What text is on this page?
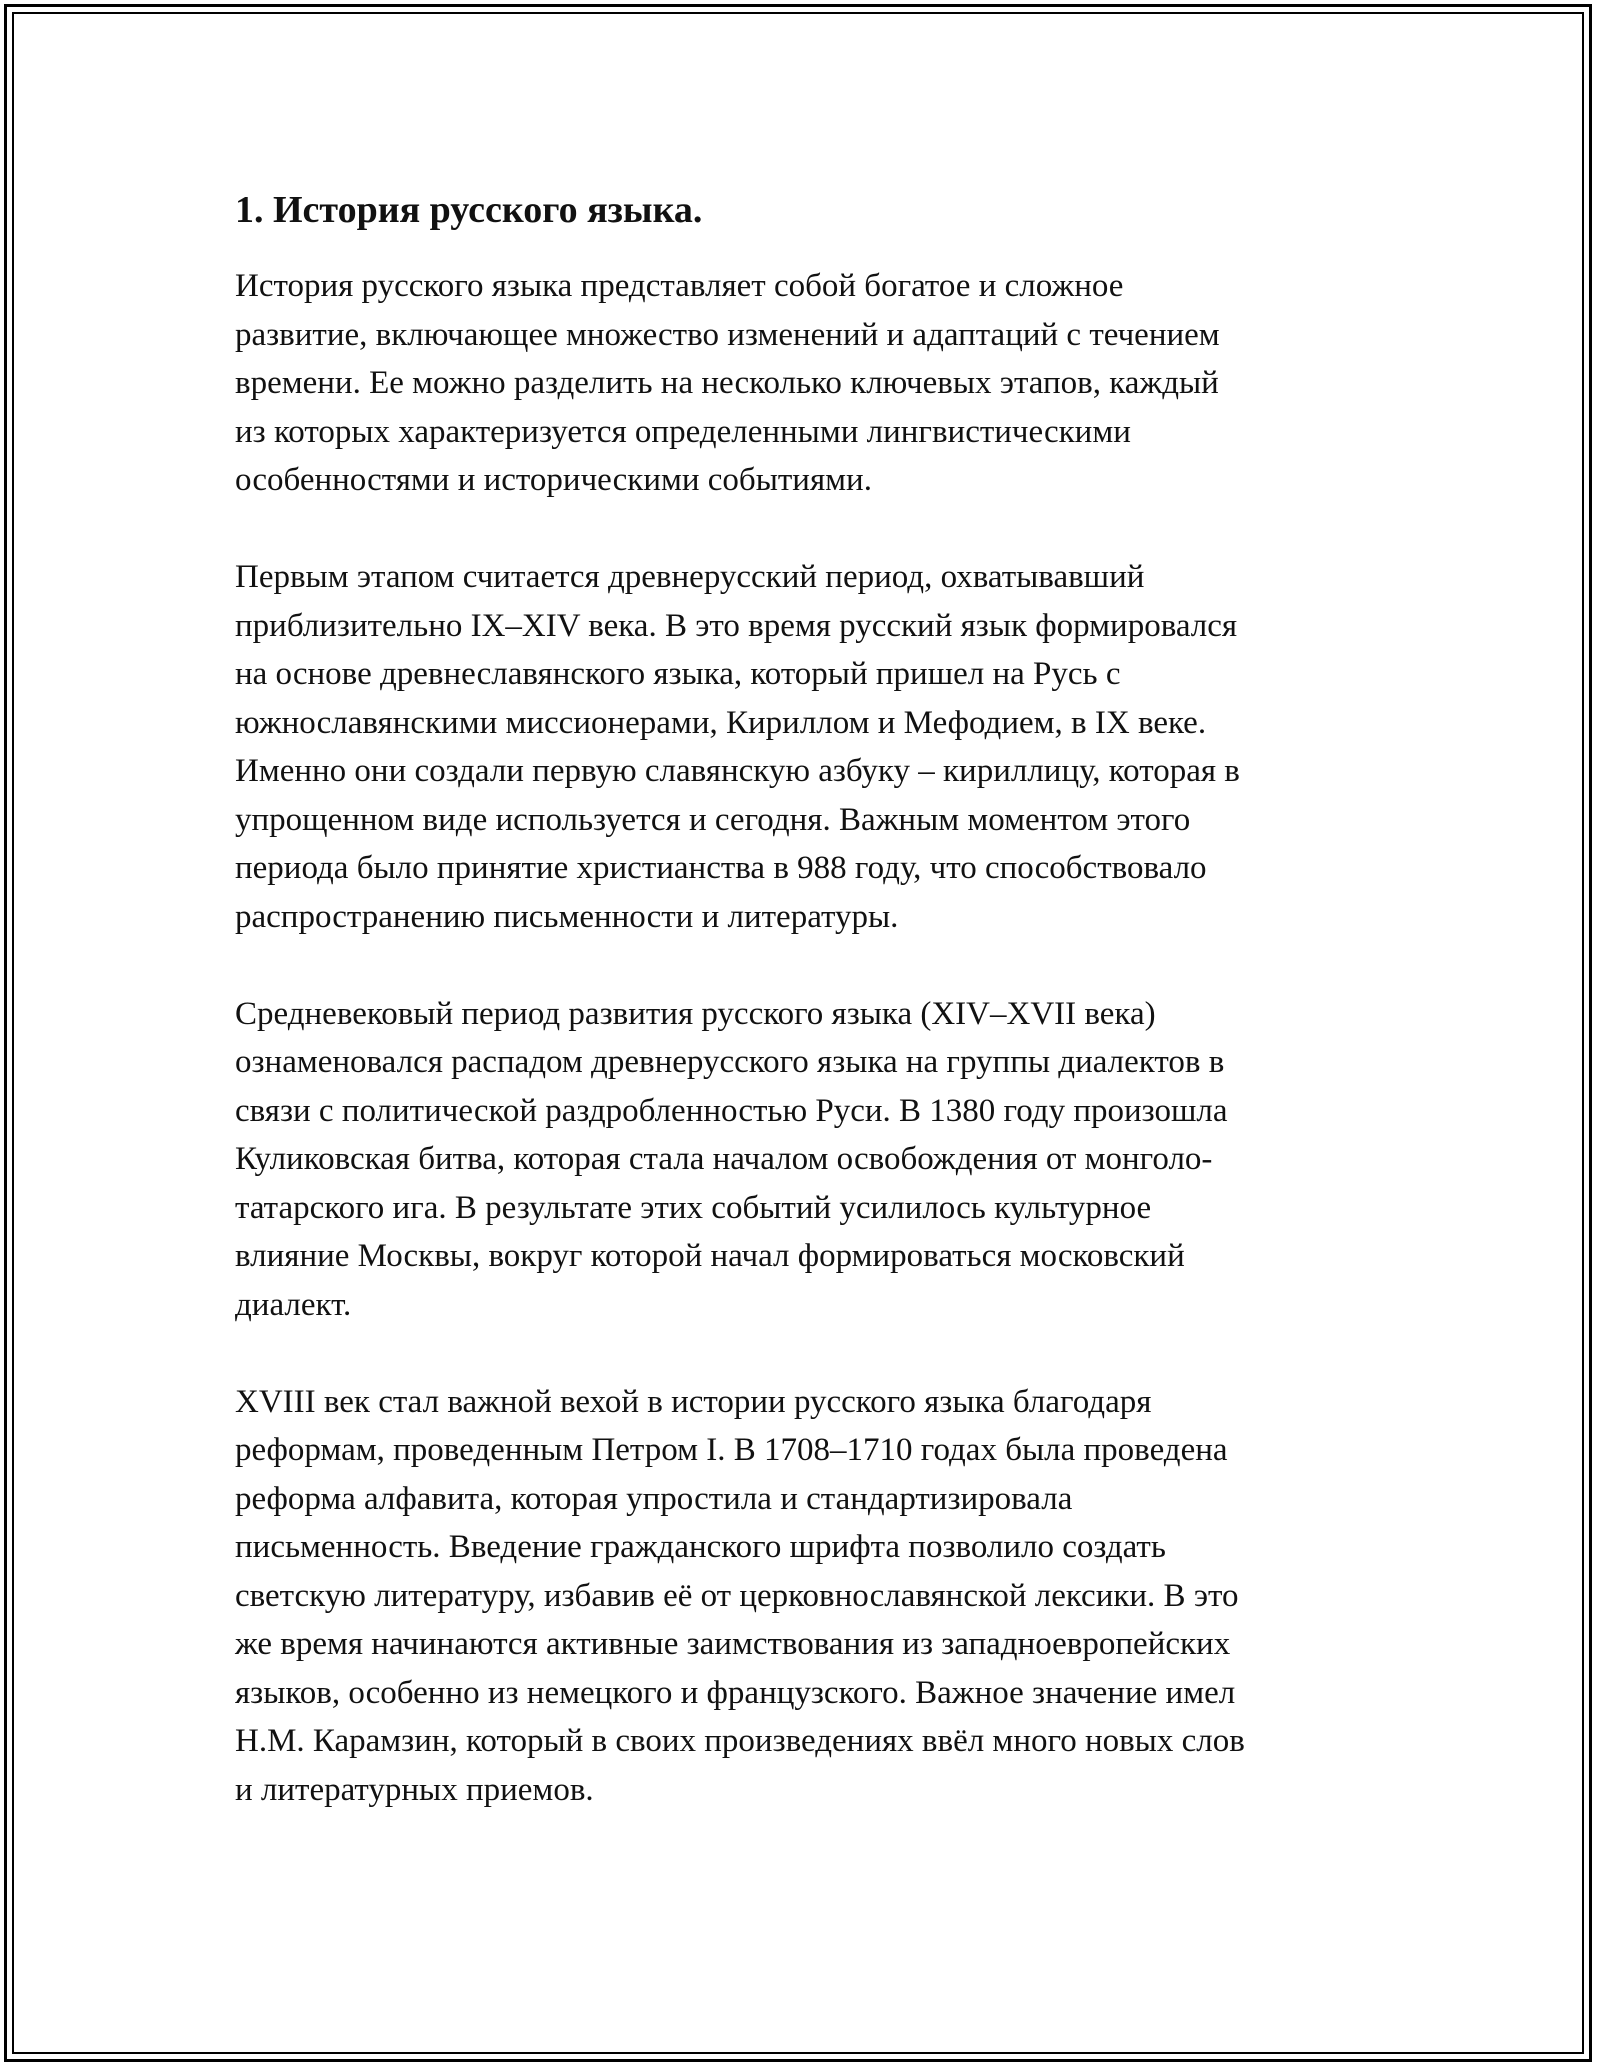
1. История русского языка.
История русского языка представляет собой богатое и сложное
развитие, включающее множество изменений и адаптаций с течением
времени. Ее можно разделить на несколько ключевых этапов, каждый
из которых характеризуется определенными лингвистическими
особенностями и историческими событиями.
Первым этапом считается древнерусский период, охватывавший
приблизительно IX–XIV века. В это время русский язык формировался
на основе древнеславянского языка, который пришел на Русь с
южнославянскими миссионерами, Кириллом и Мефодием, в IX веке.
Именно они создали первую славянскую азбуку – кириллицу, которая в
упрощенном виде используется и сегодня. Важным моментом этого
периода было принятие христианства в 988 году, что способствовало
распространению письменности и литературы.
Средневековый период развития русского языка (XIV–XVII века)
ознаменовался распадом древнерусского языка на группы диалектов в
связи с политической раздробленностью Руси. В 1380 году произошла
Куликовская битва, которая стала началом освобождения от монголо-
татарского ига. В результате этих событий усилилось культурное
влияние Москвы, вокруг которой начал формироваться московский
диалект.
XVIII век стал важной вехой в истории русского языка благодаря
реформам, проведенным Петром I. В 1708–1710 годах была проведена
реформа алфавита, которая упростила и стандартизировала
письменность. Введение гражданского шрифта позволило создать
светскую литературу, избавив её от церковнославянской лексики. В это
же время начинаются активные заимствования из западноевропейских
языков, особенно из немецкого и французского. Важное значение имел
Н.М. Карамзин, который в своих произведениях ввёл много новых слов
и литературных приемов.
